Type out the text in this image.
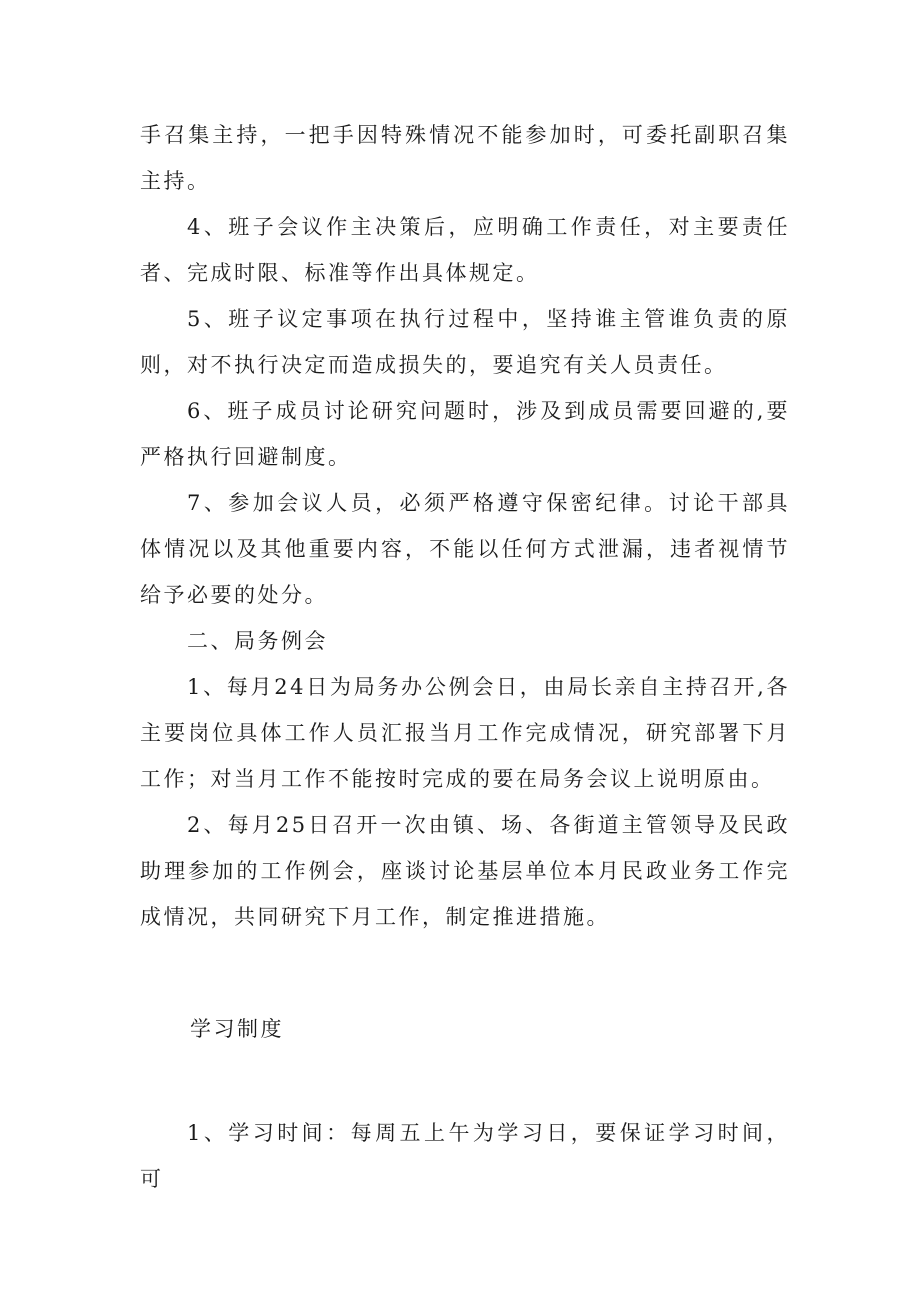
手召集主持，一把手因特殊情况不能参加时，可委托副职召集主持。

4、班子会议作主决策后，应明确工作责任，对主要责任者、完成时限、标准等作出具体规定。

5、班子议定事项在执行过程中，坚持谁主管谁负责的原则，对不执行决定而造成损失的，要追究有关人员责任。

6、班子成员讨论研究问题时，涉及到成员需要回避的,要严格执行回避制度。

7、参加会议人员，必须严格遵守保密纪律。讨论干部具体情况以及其他重要内容，不能以任何方式泄漏，违者视情节给予必要的处分。

二、局务例会

1、每月24日为局务办公例会日，由局长亲自主持召开,各主要岗位具体工作人员汇报当月工作完成情况，研究部署下月工作；对当月工作不能按时完成的要在局务会议上说明原由。

2、每月25日召开一次由镇、场、各街道主管领导及民政助理参加的工作例会，座谈讨论基层单位本月民政业务工作完成情况，共同研究下月工作，制定推进措施。

学习制度

1、学习时间：每周五上午为学习日，要保证学习时间，可
